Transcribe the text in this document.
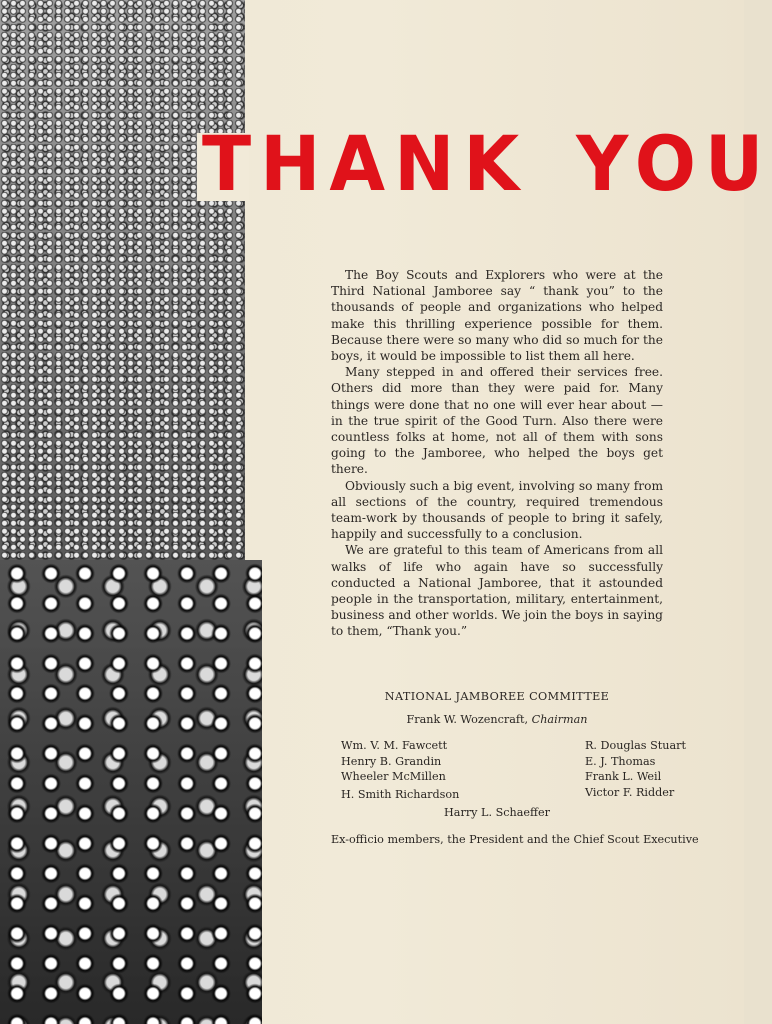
THANK YOU

The Boy Scouts and Explorers who were at the Third National Jamboree say “ thank you” to the thousands of people and organizations who helped make this thrilling experience possible for them. Because there were so many who did so much for the boys, it would be impossible to list them all here.

Many stepped in and offered their services free. Others did more than they were paid for. Many things were done that no one will ever hear about — in the true spirit of the Good Turn. Also there were countless folks at home, not all of them with sons going to the Jamboree, who helped the boys get there.

Obviously such a big event, involving so many from all sections of the country, required tremendous team-work by thousands of people to bring it safely, happily and successfully to a conclusion.

We are grateful to this team of Americans from all walks of life who again have so successfully conducted a National Jamboree, that it astounded people in the transportation, military, entertainment, business and other worlds. We join the boys in saying to them, “Thank you.”

NATIONAL JAMBOREE COMMITTEE
Frank W. Wozencraft, Chairman
Wm. V. M. Fawcett
Henry B. Grandin
Wheeler McMillen
H. Smith Richardson
R. Douglas Stuart
E. J. Thomas
Frank L. Weil
Victor F. Ridder
Harry L. Schaeffer
Ex-officio members, the President and the Chief Scout Executive
